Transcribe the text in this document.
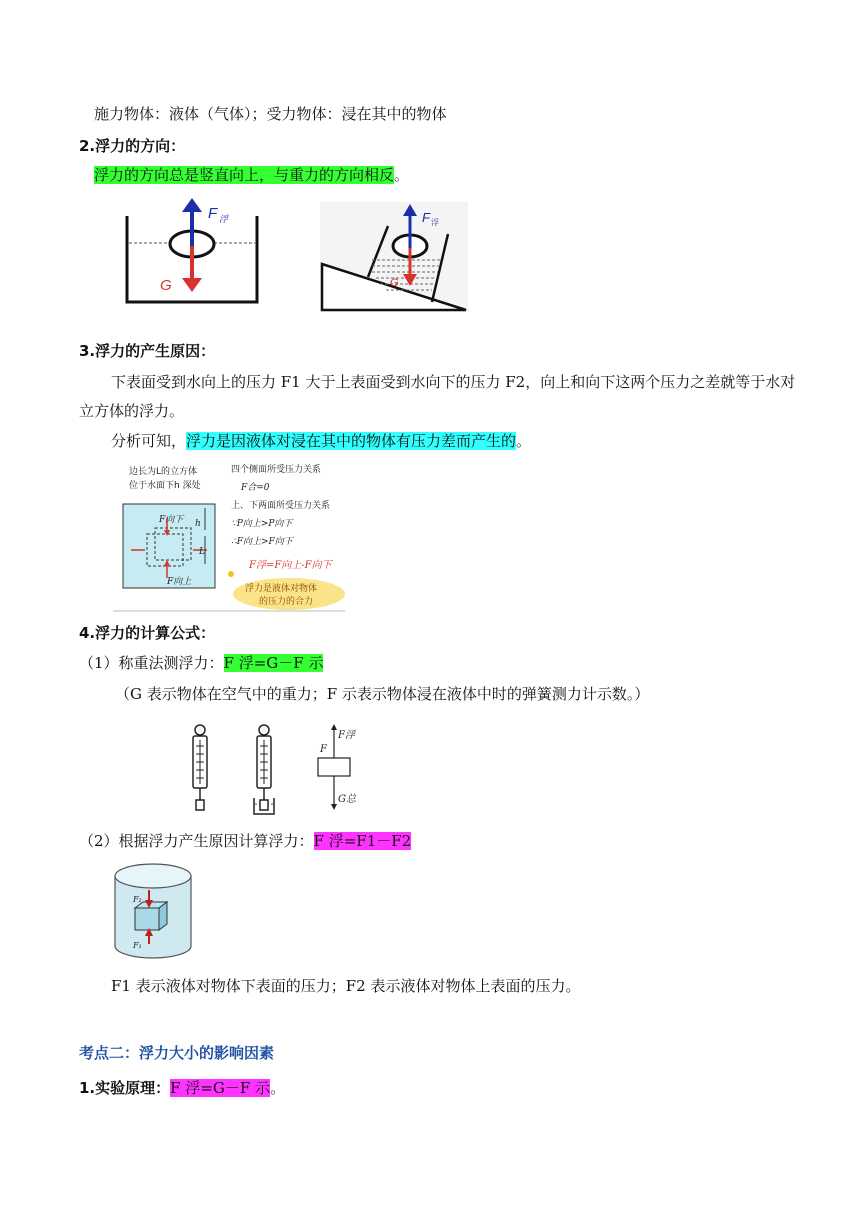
施力物体：液体（气体）；受力物体：浸在其中的物体
2.浮力的方向：
浮力的方向总是竖直向上，与重力的方向相反。
F 浮
G
F 浮
G
3.浮力的产生原因：
下表面受到水向上的压力 F1 大于上表面受到水向下的压力 F2，向上和向下这两个压力之差就等于水对
立方体的浮力。
分析可知，浮力是因液体对浸在其中的物体有压力差而产生的。
边长为L的立方体
位于水面下h 深处
F向下
F向上
h
L
四个侧面所受压力关系
F合=0
上、下两面所受压力关系
∵P向上>P向下
∴F向上>F向下
F浮=F向上-F向下
浮力是液体对物体
的压力的合力
4.浮力的计算公式：
（1）称重法测浮力：F 浮=G－F 示
（G 表示物体在空气中的重力；F 示表示物体浸在液体中时的弹簧测力计示数。）
F浮
F
G总
（2）根据浮力产生原因计算浮力：F 浮=F1－F2
F₂
F₁
F1 表示液体对物体下表面的压力；F2 表示液体对物体上表面的压力。
考点二：浮力大小的影响因素
1.实验原理：F 浮=G－F 示。
